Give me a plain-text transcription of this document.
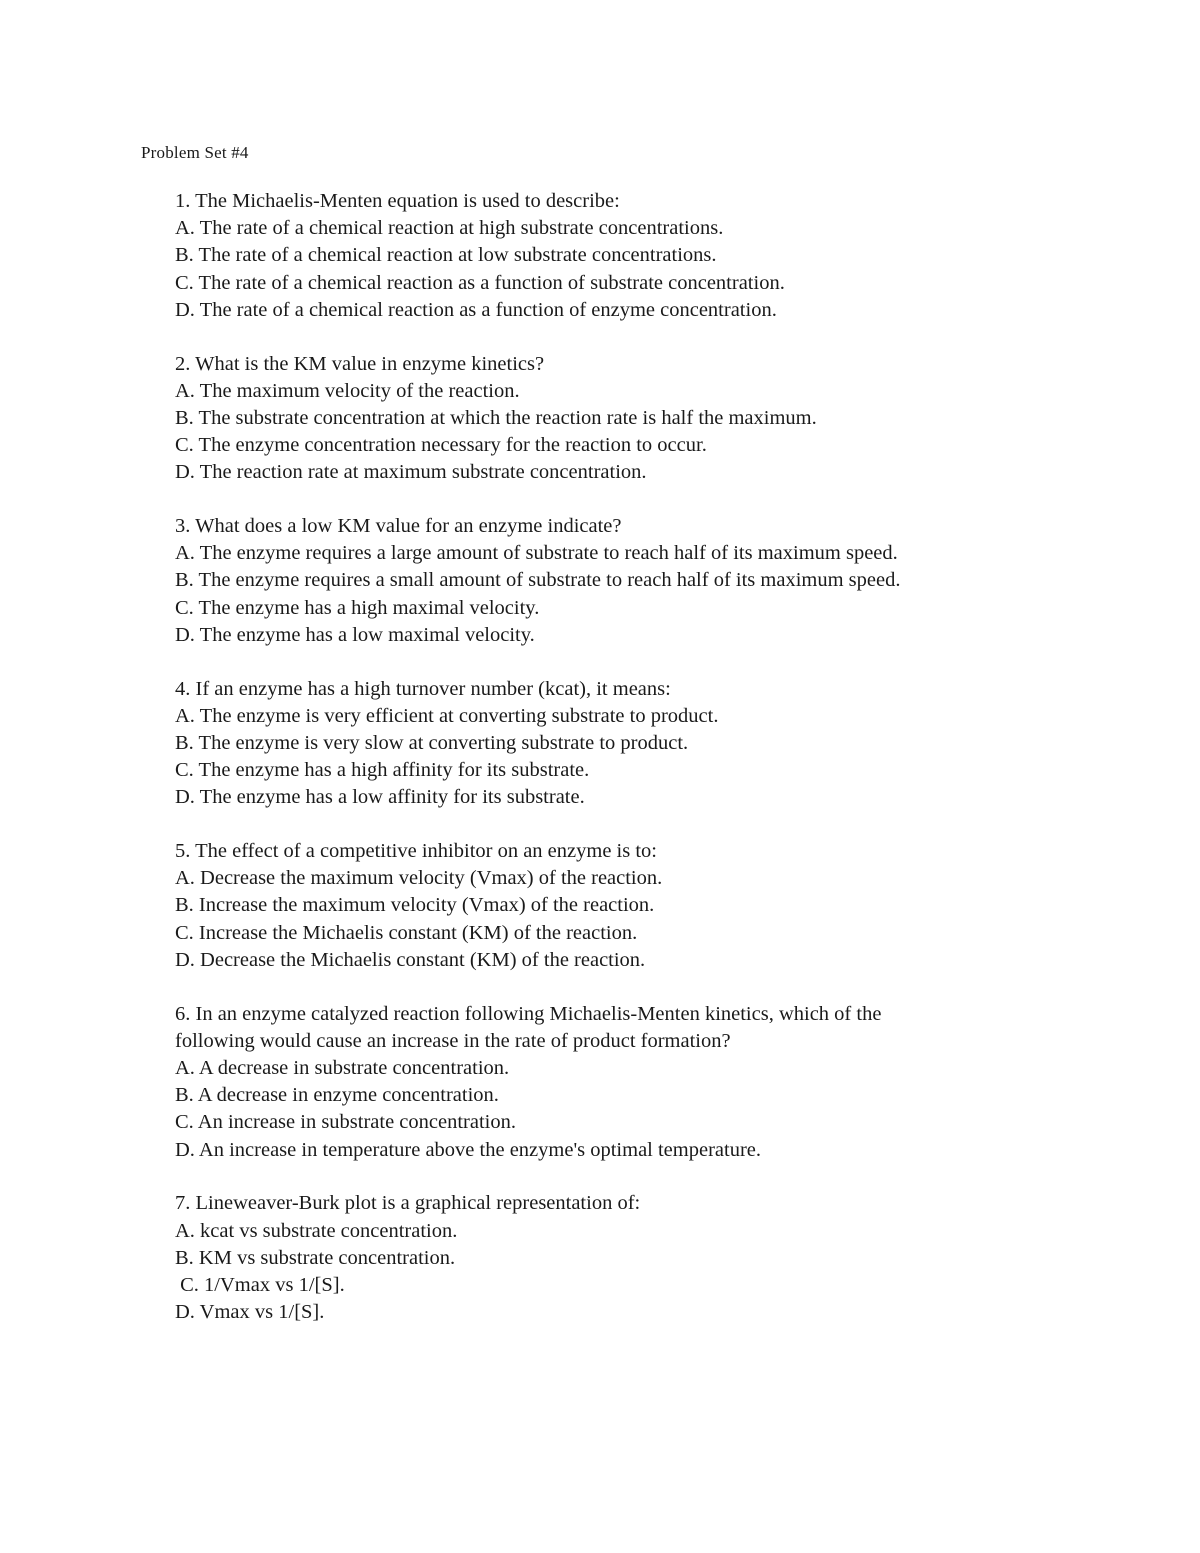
Problem Set #4
1. The Michaelis-Menten equation is used to describe:
A. The rate of a chemical reaction at high substrate concentrations.
B. The rate of a chemical reaction at low substrate concentrations.
C. The rate of a chemical reaction as a function of substrate concentration.
D. The rate of a chemical reaction as a function of enzyme concentration.
2. What is the KM value in enzyme kinetics?
A. The maximum velocity of the reaction.
B. The substrate concentration at which the reaction rate is half the maximum.
C. The enzyme concentration necessary for the reaction to occur.
D. The reaction rate at maximum substrate concentration.
3. What does a low KM value for an enzyme indicate?
A. The enzyme requires a large amount of substrate to reach half of its maximum speed.
B. The enzyme requires a small amount of substrate to reach half of its maximum speed.
C. The enzyme has a high maximal velocity.
D. The enzyme has a low maximal velocity.
4. If an enzyme has a high turnover number (kcat), it means:
A. The enzyme is very efficient at converting substrate to product.
B. The enzyme is very slow at converting substrate to product.
C. The enzyme has a high affinity for its substrate.
D. The enzyme has a low affinity for its substrate.
5. The effect of a competitive inhibitor on an enzyme is to:
A. Decrease the maximum velocity (Vmax) of the reaction.
B. Increase the maximum velocity (Vmax) of the reaction.
C. Increase the Michaelis constant (KM) of the reaction.
D. Decrease the Michaelis constant (KM) of the reaction.
6. In an enzyme catalyzed reaction following Michaelis-Menten kinetics, which of the
following would cause an increase in the rate of product formation?
A. A decrease in substrate concentration.
B. A decrease in enzyme concentration.
C. An increase in substrate concentration.
D. An increase in temperature above the enzyme's optimal temperature.
7. Lineweaver-Burk plot is a graphical representation of:
A. kcat vs substrate concentration.
B. KM vs substrate concentration.
C. 1/Vmax vs 1/[S].
D. Vmax vs 1/[S].
